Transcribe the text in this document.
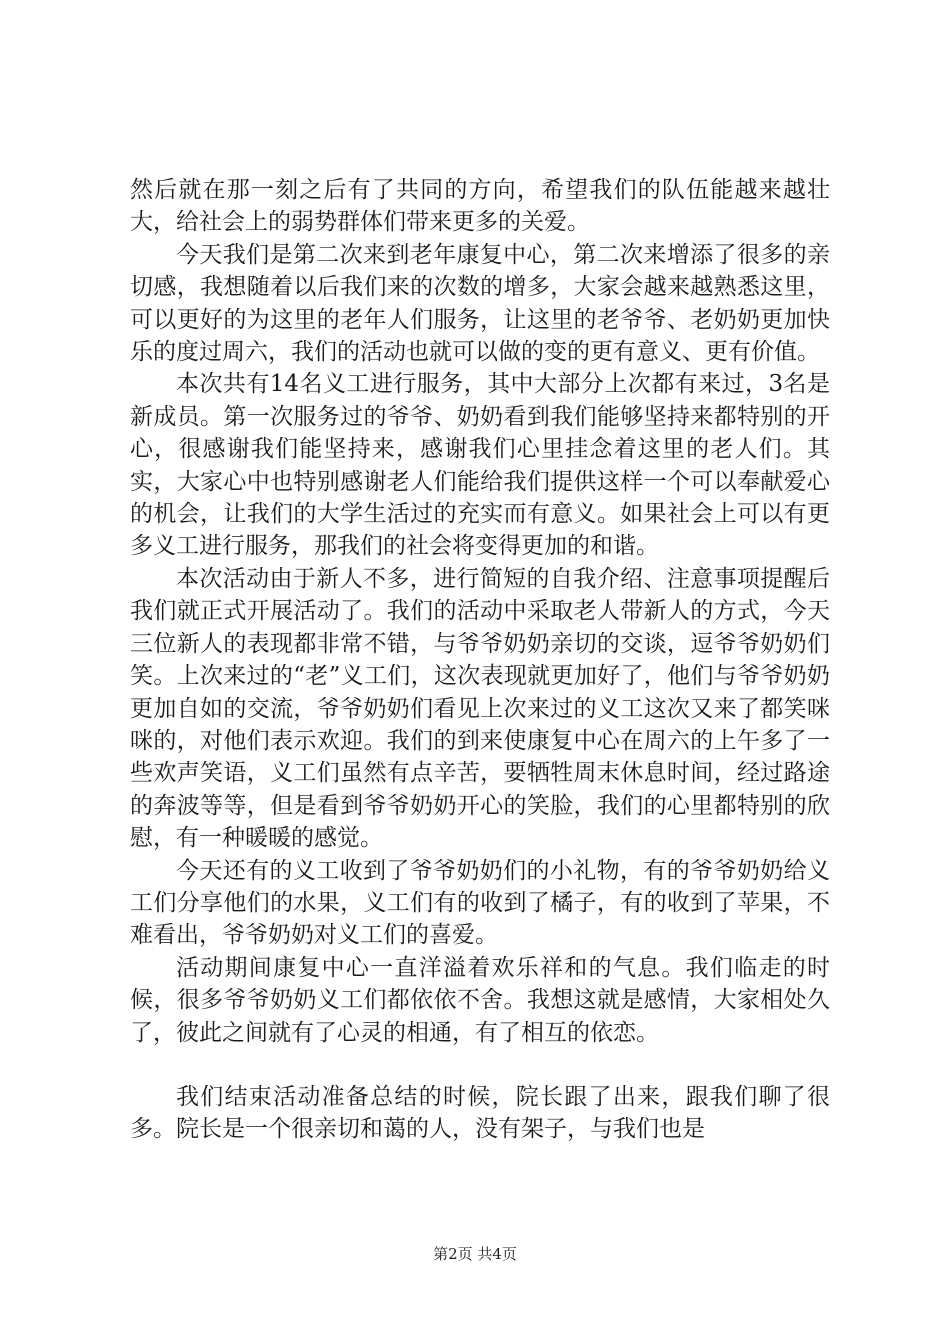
然后就在那一刻之后有了共同的方向，希望我们的队伍能越来越壮大，给社会上的弱势群体们带来更多的关爱。

今天我们是第二次来到老年康复中心，第二次来增添了很多的亲切感，我想随着以后我们来的次数的增多，大家会越来越熟悉这里，可以更好的为这里的老年人们服务，让这里的老爷爷、老奶奶更加快乐的度过周六，我们的活动也就可以做的变的更有意义、更有价值。

本次共有14名义工进行服务，其中大部分上次都有来过，3名是新成员。第一次服务过的爷爷、奶奶看到我们能够坚持来都特别的开心，很感谢我们能坚持来，感谢我们心里挂念着这里的老人们。其实，大家心中也特别感谢老人们能给我们提供这样一个可以奉献爱心的机会，让我们的大学生活过的充实而有意义。如果社会上可以有更多义工进行服务，那我们的社会将变得更加的和谐。

本次活动由于新人不多，进行简短的自我介绍、注意事项提醒后我们就正式开展活动了。我们的活动中采取老人带新人的方式，今天三位新人的表现都非常不错，与爷爷奶奶亲切的交谈，逗爷爷奶奶们笑。上次来过的“老”义工们，这次表现就更加好了，他们与爷爷奶奶更加自如的交流，爷爷奶奶们看见上次来过的义工这次又来了都笑咪咪的，对他们表示欢迎。我们的到来使康复中心在周六的上午多了一些欢声笑语，义工们虽然有点辛苦，要牺牲周末休息时间，经过路途的奔波等等，但是看到爷爷奶奶开心的笑脸，我们的心里都特别的欣慰，有一种暖暖的感觉。

今天还有的义工收到了爷爷奶奶们的小礼物，有的爷爷奶奶给义工们分享他们的水果，义工们有的收到了橘子，有的收到了苹果，不难看出，爷爷奶奶对义工们的喜爱。

活动期间康复中心一直洋溢着欢乐祥和的气息。我们临走的时候，很多爷爷奶奶义工们都依依不舍。我想这就是感情，大家相处久了，彼此之间就有了心灵的相通，有了相互的依恋。

我们结束活动准备总结的时候，院长跟了出来，跟我们聊了很多。院长是一个很亲切和蔼的人，没有架子，与我们也是

第2页 共4页
